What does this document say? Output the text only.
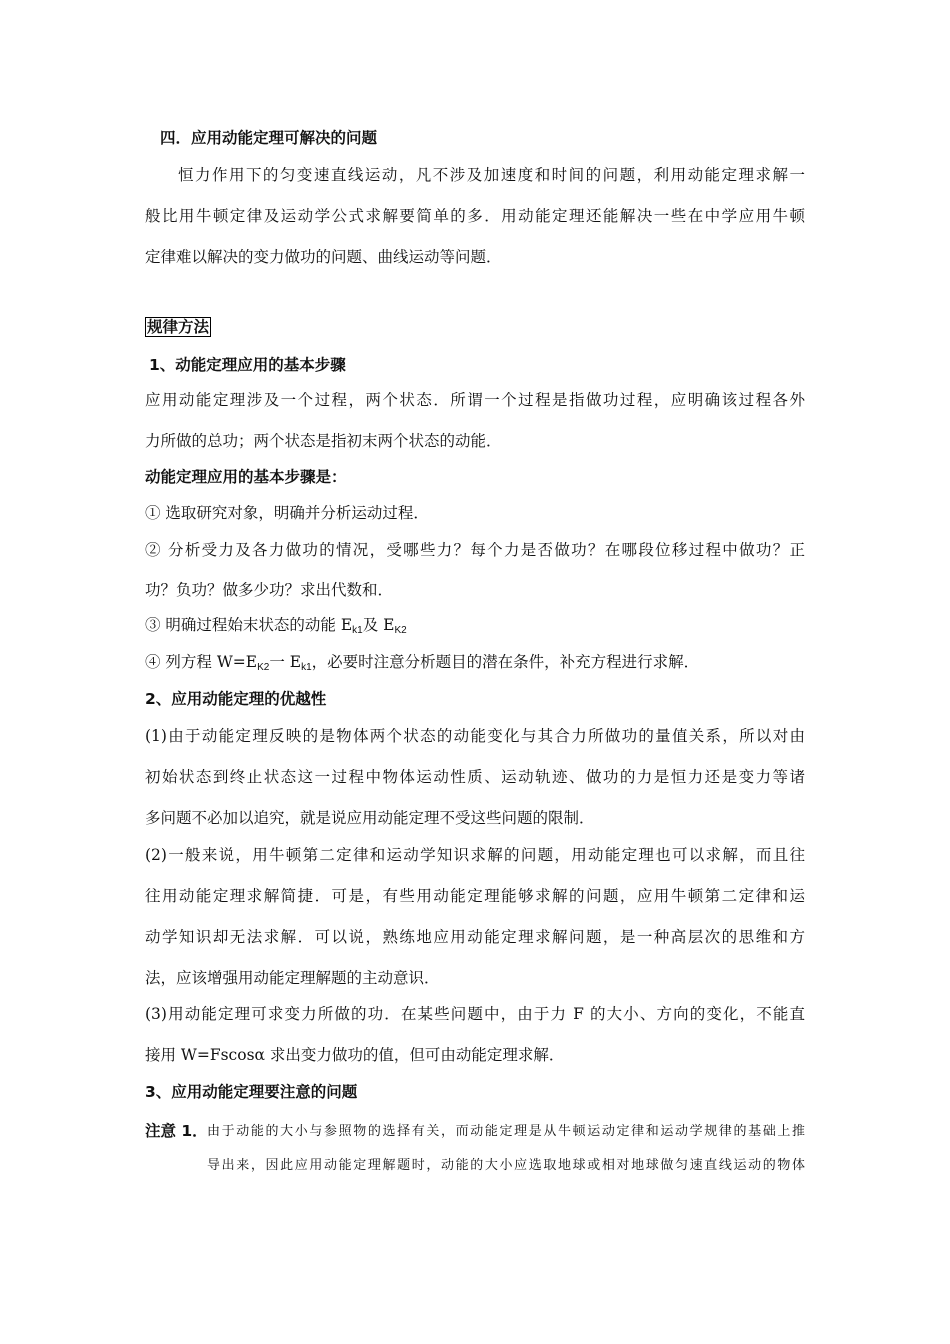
四．应用动能定理可解决的问题
恒力作用下的匀变速直线运动，凡不涉及加速度和时间的问题，利用动能定理求解一
般比用牛顿定律及运动学公式求解要简单的多．用动能定理还能解决一些在中学应用牛顿
定律难以解决的变力做功的问题、曲线运动等问题．
规律方法
1、动能定理应用的基本步骤
应用动能定理涉及一个过程，两个状态．所谓一个过程是指做功过程，应明确该过程各外
力所做的总功；两个状态是指初末两个状态的动能．
动能定理应用的基本步骤是：
① 选取研究对象，明确并分析运动过程．
② 分析受力及各力做功的情况，受哪些力？每个力是否做功？在哪段位移过程中做功？正
功？负功？做多少功？求出代数和．
③ 明确过程始末状态的动能 $E_{k1}$及 $E_{K2}$
④ 列方程 $W=E_{K2}$一 $E_{k1}$，必要时注意分析题目的潜在条件，补充方程进行求解．
2、应用动能定理的优越性
(1)由于动能定理反映的是物体两个状态的动能变化与其合力所做功的量值关系，所以对由
初始状态到终止状态这一过程中物体运动性质、运动轨迹、做功的力是恒力还是变力等诸
多问题不必加以追究，就是说应用动能定理不受这些问题的限制．
(2)一般来说，用牛顿第二定律和运动学知识求解的问题，用动能定理也可以求解，而且往
往用动能定理求解简捷．可是，有些用动能定理能够求解的问题，应用牛顿第二定律和运
动学知识却无法求解．可以说，熟练地应用动能定理求解问题，是一种高层次的思维和方
法，应该增强用动能定理解题的主动意识．
(3)用动能定理可求变力所做的功．在某些问题中，由于力 F 的大小、方向的变化，不能直
接用 W=Fscosα 求出变力做功的值，但可由动能定理求解．
3、应用动能定理要注意的问题
注意 1． 由于动能的大小与参照物的选择有关，而动能定理是从牛顿运动定律和运动学规律的基础上推
导出来，因此应用动能定理解题时，动能的大小应选取地球或相对地球做匀速直线运动的物体
